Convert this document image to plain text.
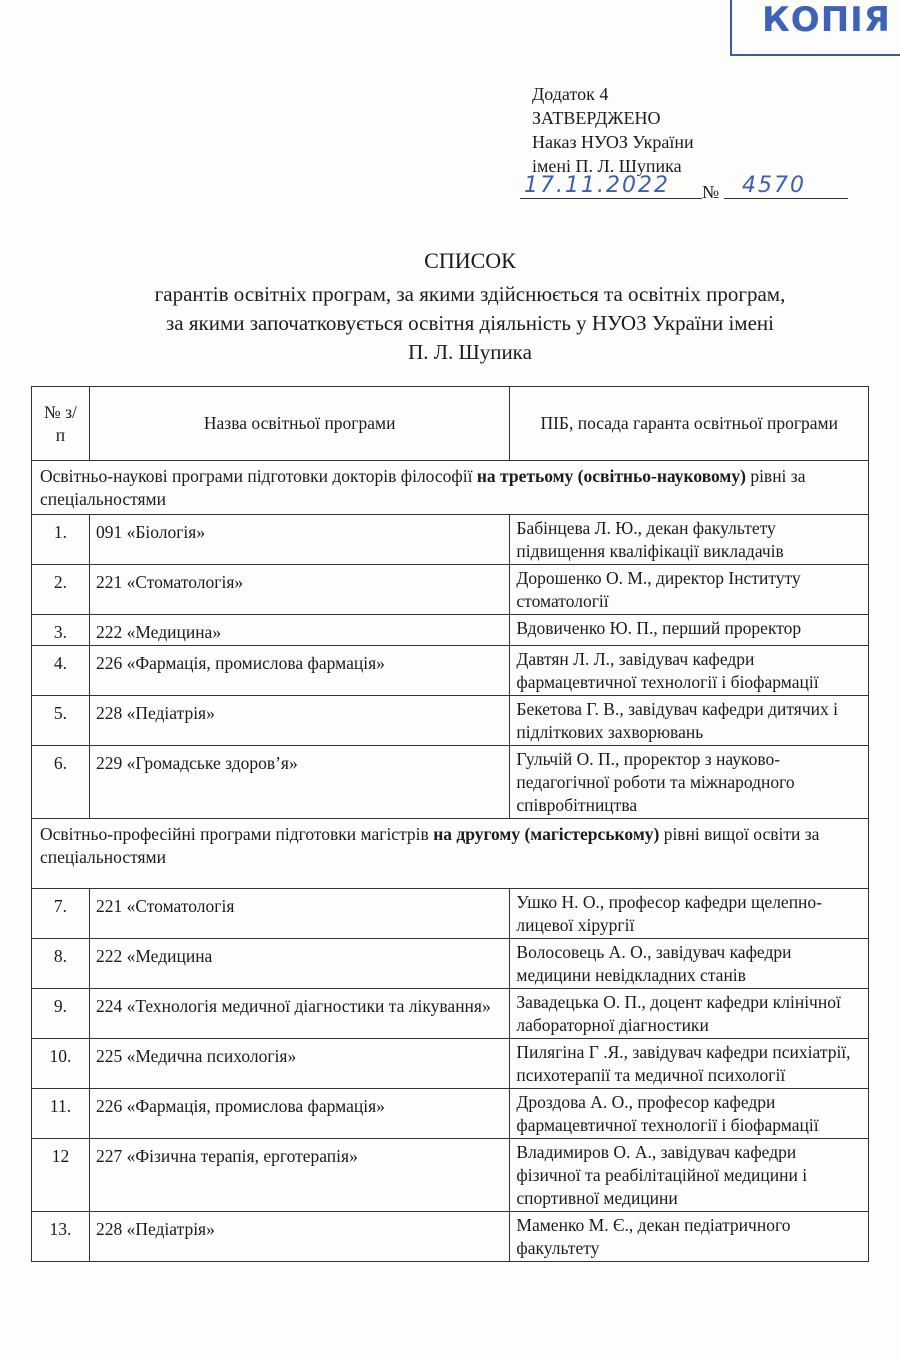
КОПІЯ
Додаток 4
ЗАТВЕРДЖЕНО
Наказ НУОЗ України
імені П. Л. Шупика
17.11.2022	№	4570
СПИСОК
гарантів освітніх програм, за якими здійснюється та освітніх програм,
за якими започатковується освітня діяльність у НУОЗ України імені
П. Л. Шупика
№ з/п	Назва освітньої програми	ПІБ, посада гаранта освітньої програми
Освітньо-наукові програми підготовки докторів філософії на третьому (освітньо-науковому) рівні за спеціальностями		
1.	091 «Біологія»	Бабінцева Л. Ю., декан факультету підвищення кваліфікації викладачів
2.	221 «Стоматологія»	Дорошенко О. М., директор Інституту стоматології
3.	222 «Медицина»	Вдовиченко Ю. П., перший проректор
4.	226 «Фармація, промислова фармація»	Давтян Л. Л., завідувач кафедри фармацевтичної технології і біофармації
5.	228 «Педіатрія»	Бекетова Г. В., завідувач кафедри дитячих і підліткових захворювань
6.	229 «Громадське здоров’я»	Гульчій О. П., проректор з науково-педагогічної роботи та міжнародного співробітництва
Освітньо-професійні програми підготовки магістрів на другому (магістерському) рівні вищої освіти за спеціальностями		
7.	221 «Стоматологія	Ушко Н. О., професор кафедри щелепно-лицевої хірургії
8.	222 «Медицина	Волосовець А. О., завідувач кафедри медицини невідкладних станів
9.	224 «Технологія медичної діагностики та лікування»	Завадецька О. П., доцент кафедри клінічної лабораторної діагностики
10.	225 «Медична психологія»	Пилягіна Г .Я., завідувач кафедри психіатрії, психотерапії та медичної психології
11.	226 «Фармація, промислова фармація»	Дроздова А. О., професор кафедри фармацевтичної технології і біофармації
12	227 «Фізична терапія, ерготерапія»	Владимиров О. А., завідувач кафедри фізичної та реабілітаційної медицини і спортивної медицини
13.	228 «Педіатрія»	Маменко М. Є., декан педіатричного факультету
